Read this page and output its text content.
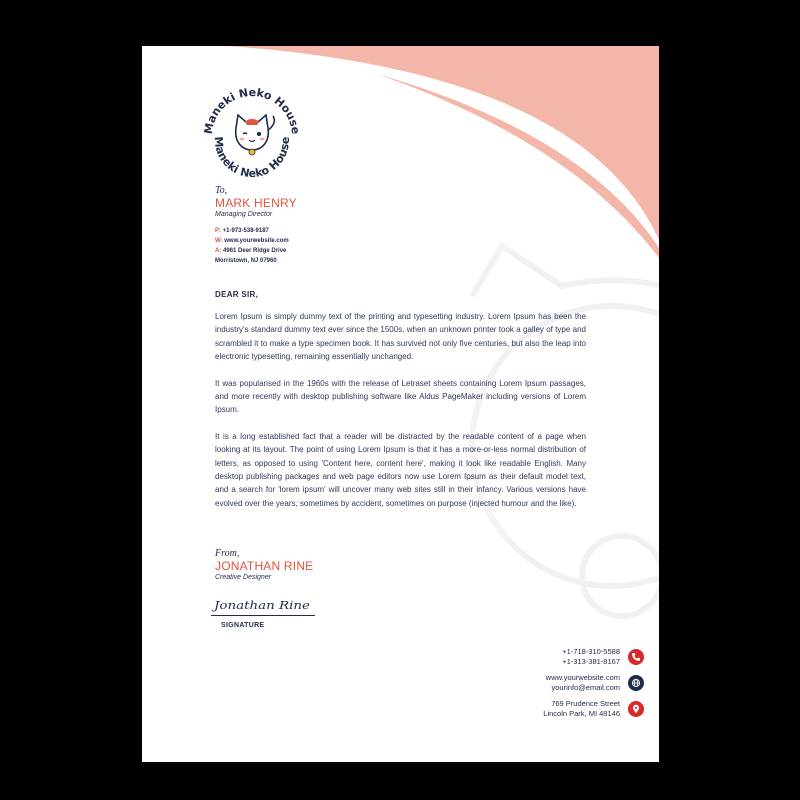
Maneki Neko House
Maneki Neko House
To,
MARK HENRY
Managing Director
P: +1-973-538-9187
W: www.yourwebsite.com
A: 4961 Deer Ridge Drive
Morristown, NJ 07960
DEAR SIR,

Lorem Ipsum is simply dummy text of the printing and typesetting industry. Lorem Ipsum has been the industry's standard dummy text ever since the 1500s, when an unknown printer took a galley of type and scrambled it to make a type specimen book. It has survived not only five centuries, but also the leap into electronic typesetting, remaining essentially unchanged.

It was popularised in the 1960s with the release of Letraset sheets containing Lorem Ipsum passages, and more recently with desktop publishing software like Aldus PageMaker including versions of Lorem Ipsum.

It is a long established fact that a reader will be distracted by the readable content of a page when looking at its layout. The point of using Lorem Ipsum is that it has a more-or-less normal distribution of letters, as opposed to using 'Content here, content here', making it look like readable English. Many desktop publishing packages and web page editors now use Lorem Ipsum as their default model text, and a search for 'lorem ipsum' will uncover many web sites still in their infancy. Various versions have evolved over the years, sometimes by accident, sometimes on purpose (injected humour and the like).

From,
JONATHAN RINE
Creative Designer
Jonathan Rine
SIGNATURE
+1-718-310-5588
+1-313-381-8167
www.yourwebsite.com
yourinfo@email.com
769 Prudence Street
Lincoln Park, MI 48146
